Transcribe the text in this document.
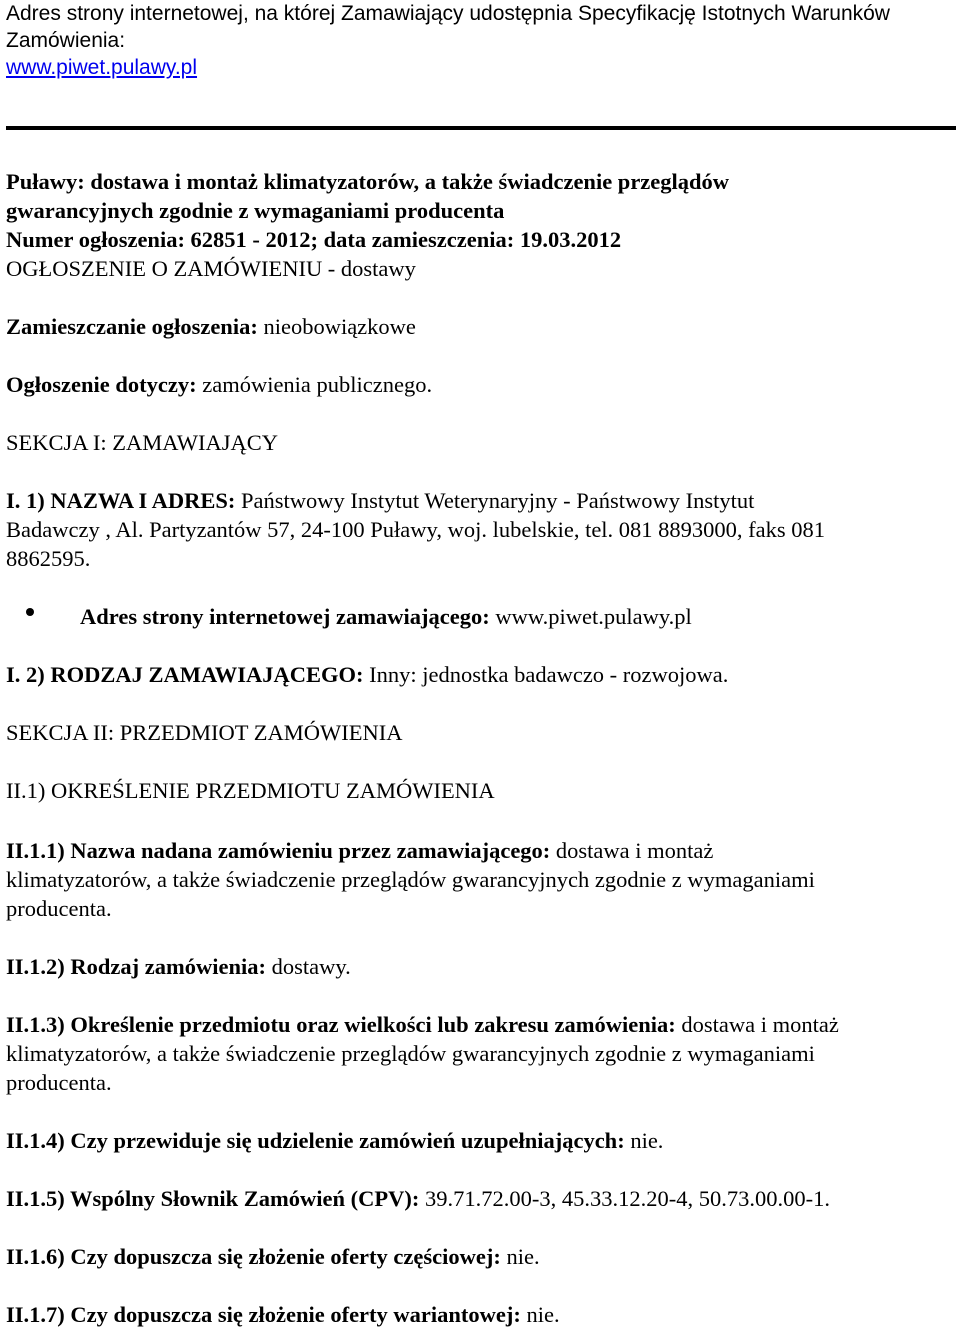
Adres strony internetowej, na której Zamawiający udostępnia Specyfikację Istotnych Warunków Zamówienia:
www.piwet.pulawy.pl
Puławy: dostawa i montaż klimatyzatorów, a także świadczenie przeglądów
gwarancyjnych zgodnie z wymaganiami producenta
Numer ogłoszenia: 62851 - 2012; data zamieszczenia: 19.03.2012
OGŁOSZENIE O ZAMÓWIENIU - dostawy
Zamieszczanie ogłoszenia: nieobowiązkowe
Ogłoszenie dotyczy: zamówienia publicznego.
SEKCJA I: ZAMAWIAJĄCY
I. 1) NAZWA I ADRES: Państwowy Instytut Weterynaryjny - Państwowy Instytut
Badawczy , Al. Partyzantów 57, 24-100 Puławy, woj. lubelskie, tel. 081 8893000, faks 081
8862595.
Adres strony internetowej zamawiającego: www.piwet.pulawy.pl
I. 2) RODZAJ ZAMAWIAJĄCEGO: Inny: jednostka badawczo - rozwojowa.
SEKCJA II: PRZEDMIOT ZAMÓWIENIA
II.1) OKREŚLENIE PRZEDMIOTU ZAMÓWIENIA
II.1.1) Nazwa nadana zamówieniu przez zamawiającego: dostawa i montaż
klimatyzatorów, a także świadczenie przeglądów gwarancyjnych zgodnie z wymaganiami
producenta.
II.1.2) Rodzaj zamówienia: dostawy.
II.1.3) Określenie przedmiotu oraz wielkości lub zakresu zamówienia: dostawa i montaż
klimatyzatorów, a także świadczenie przeglądów gwarancyjnych zgodnie z wymaganiami
producenta.
II.1.4) Czy przewiduje się udzielenie zamówień uzupełniających: nie.
II.1.5) Wspólny Słownik Zamówień (CPV): 39.71.72.00-3, 45.33.12.20-4, 50.73.00.00-1.
II.1.6) Czy dopuszcza się złożenie oferty częściowej: nie.
II.1.7) Czy dopuszcza się złożenie oferty wariantowej: nie.
